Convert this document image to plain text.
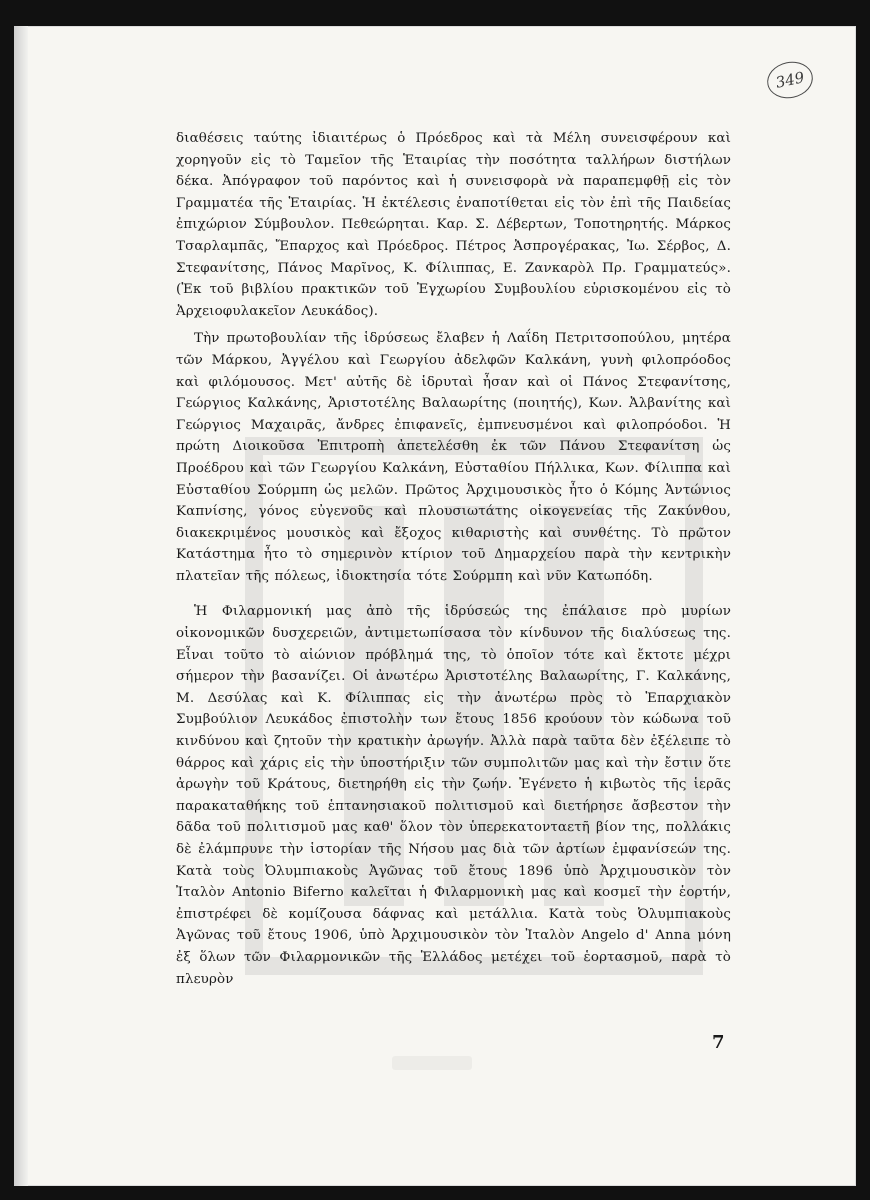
349

διαθέσεις ταύτης ἰδιαιτέρως ὁ Πρόεδρος καὶ τὰ Μέλη συνεισφέρουν καὶ χορηγοῦν εἰς τὸ Ταμεῖον τῆς Ἑταιρίας τὴν ποσότητα ταλλήρων διστήλων δέκα. Ἀπόγραφον τοῦ παρόντος καὶ ἡ συνεισφορὰ νὰ παραπεμφθῇ εἰς τὸν Γραμματέα τῆς Ἑταιρίας. Ἡ ἐκτέλεσις ἐναποτίθεται εἰς τὸν ἐπὶ τῆς Παιδείας ἐπιχώριον Σύμβουλον. Πεθεώρηται. Καρ. Σ. Δέβερτων, Τοποτηρητής. Μάρκος Τσαρλαμπᾶς, Ἔπαρχος καὶ Πρόεδρος. Πέτρος Ἀσπρογέρακας, Ἰω. Σέρβος, Δ. Στεφανίτσης, Πάνος Μαρῖνος, Κ. Φίλιππας, Ε. Ζανκαρὸλ Πρ. Γραμματεύς». (Ἐκ τοῦ βιβλίου πρακτικῶν τοῦ Ἐγχωρίου Συμβουλίου εὑρισκομένου εἰς τὸ Ἀρχειοφυλακεῖον Λευκάδος).

Τὴν πρωτοβουλίαν τῆς ἱδρύσεως ἔλαβεν ἡ Λαΐδη Πετριτσοπούλου, μητέρα τῶν Μάρκου, Ἀγγέλου καὶ Γεωργίου ἀδελφῶν Καλκάνη, γυνὴ φιλοπρόοδος καὶ φιλόμουσος. Μετ' αὐτῆς δὲ ἱδρυταὶ ἦσαν καὶ οἱ Πάνος Στεφανίτσης, Γεώργιος Καλκάνης, Ἀριστοτέλης Βαλαωρίτης (ποιητής), Κων. Ἀλβανίτης καὶ Γεώργιος Μαχαιρᾶς, ἄνδρες ἐπιφανεῖς, ἐμπνευσμένοι καὶ φιλοπρόοδοι. Ἡ πρώτη Διοικοῦσα Ἐπιτροπὴ ἀπετελέσθη ἐκ τῶν Πάνου Στεφανίτση ὡς Προέδρου καὶ τῶν Γεωργίου Καλκάνη, Εὐσταθίου Πήλλικα, Κων. Φίλιππα καὶ Εὐσταθίου Σούρμπη ὡς μελῶν. Πρῶτος Ἀρχιμουσικὸς ἦτο ὁ Κόμης Ἀντώνιος Καπνίσης, γόνος εὐγενοῦς καὶ πλουσιωτάτης οἰκογενείας τῆς Ζακύνθου, διακεκριμένος μουσικὸς καὶ ἔξοχος κιθαριστὴς καὶ συνθέτης. Τὸ πρῶτον Κατάστημα ἦτο τὸ σημερινὸν κτίριον τοῦ Δημαρχείου παρὰ τὴν κεντρικὴν πλατεῖαν τῆς πόλεως, ἰδιοκτησία τότε Σούρμπη καὶ νῦν Κατωπόδη.

Ἡ Φιλαρμονική μας ἀπὸ τῆς ἱδρύσεώς της ἐπάλαισε πρὸ μυρίων οἰκονομικῶν δυσχερειῶν, ἀντιμετωπίσασα τὸν κίνδυνον τῆς διαλύσεως της. Εἶναι τοῦτο τὸ αἰώνιον πρόβλημά της, τὸ ὁποῖον τότε καὶ ἔκτοτε μέχρι σήμερον τὴν βασανίζει. Οἱ ἀνωτέρω Ἀριστοτέλης Βαλαωρίτης, Γ. Καλκάνης, Μ. Δεσύλας καὶ Κ. Φίλιππας εἰς τὴν ἀνωτέρω πρὸς τὸ Ἐπαρχιακὸν Συμβούλιον Λευκάδος ἐπιστολὴν των ἔτους 1856 κρούουν τὸν κώδωνα τοῦ κινδύνου καὶ ζητοῦν τὴν κρατικὴν ἀρωγήν. Ἀλλὰ παρὰ ταῦτα δὲν ἐξέλειπε τὸ θάρρος καὶ χάρις εἰς τὴν ὑποστήριξιν τῶν συμπολιτῶν μας καὶ τὴν ἔστιν ὅτε ἀρωγὴν τοῦ Κράτους, διετηρήθη εἰς τὴν ζωήν. Ἐγένετο ἡ κιβωτὸς τῆς ἱερᾶς παρακαταθήκης τοῦ ἑπτανησιακοῦ πολιτισμοῦ καὶ διετήρησε ἄσβεστον τὴν δᾶδα τοῦ πολιτισμοῦ μας καθ' ὅλον τὸν ὑπερεκατονταετῆ βίον της, πολλάκις δὲ ἐλάμπρυνε τὴν ἱστορίαν τῆς Νήσου μας διὰ τῶν ἀρτίων ἐμφανίσεών της. Κατὰ τοὺς Ὀλυμπιακοὺς Ἀγῶνας τοῦ ἔτους 1896 ὑπὸ Ἀρχιμουσικὸν τὸν Ἰταλὸν Antonio Biferno καλεῖται ἡ Φιλαρμονικὴ μας καὶ κοσμεῖ τὴν ἑορτήν, ἐπιστρέφει δὲ κομίζουσα δάφνας καὶ μετάλλια. Κατὰ τοὺς Ὀλυμπιακοὺς Ἀγῶνας τοῦ ἔτους 1906, ὑπὸ Ἀρχιμουσικὸν τὸν Ἰταλὸν Angelo d' Anna μόνη ἐξ ὅλων τῶν Φιλαρμονικῶν τῆς Ἑλλάδος μετέχει τοῦ ἑορτασμοῦ, παρὰ τὸ πλευρὸν

7
